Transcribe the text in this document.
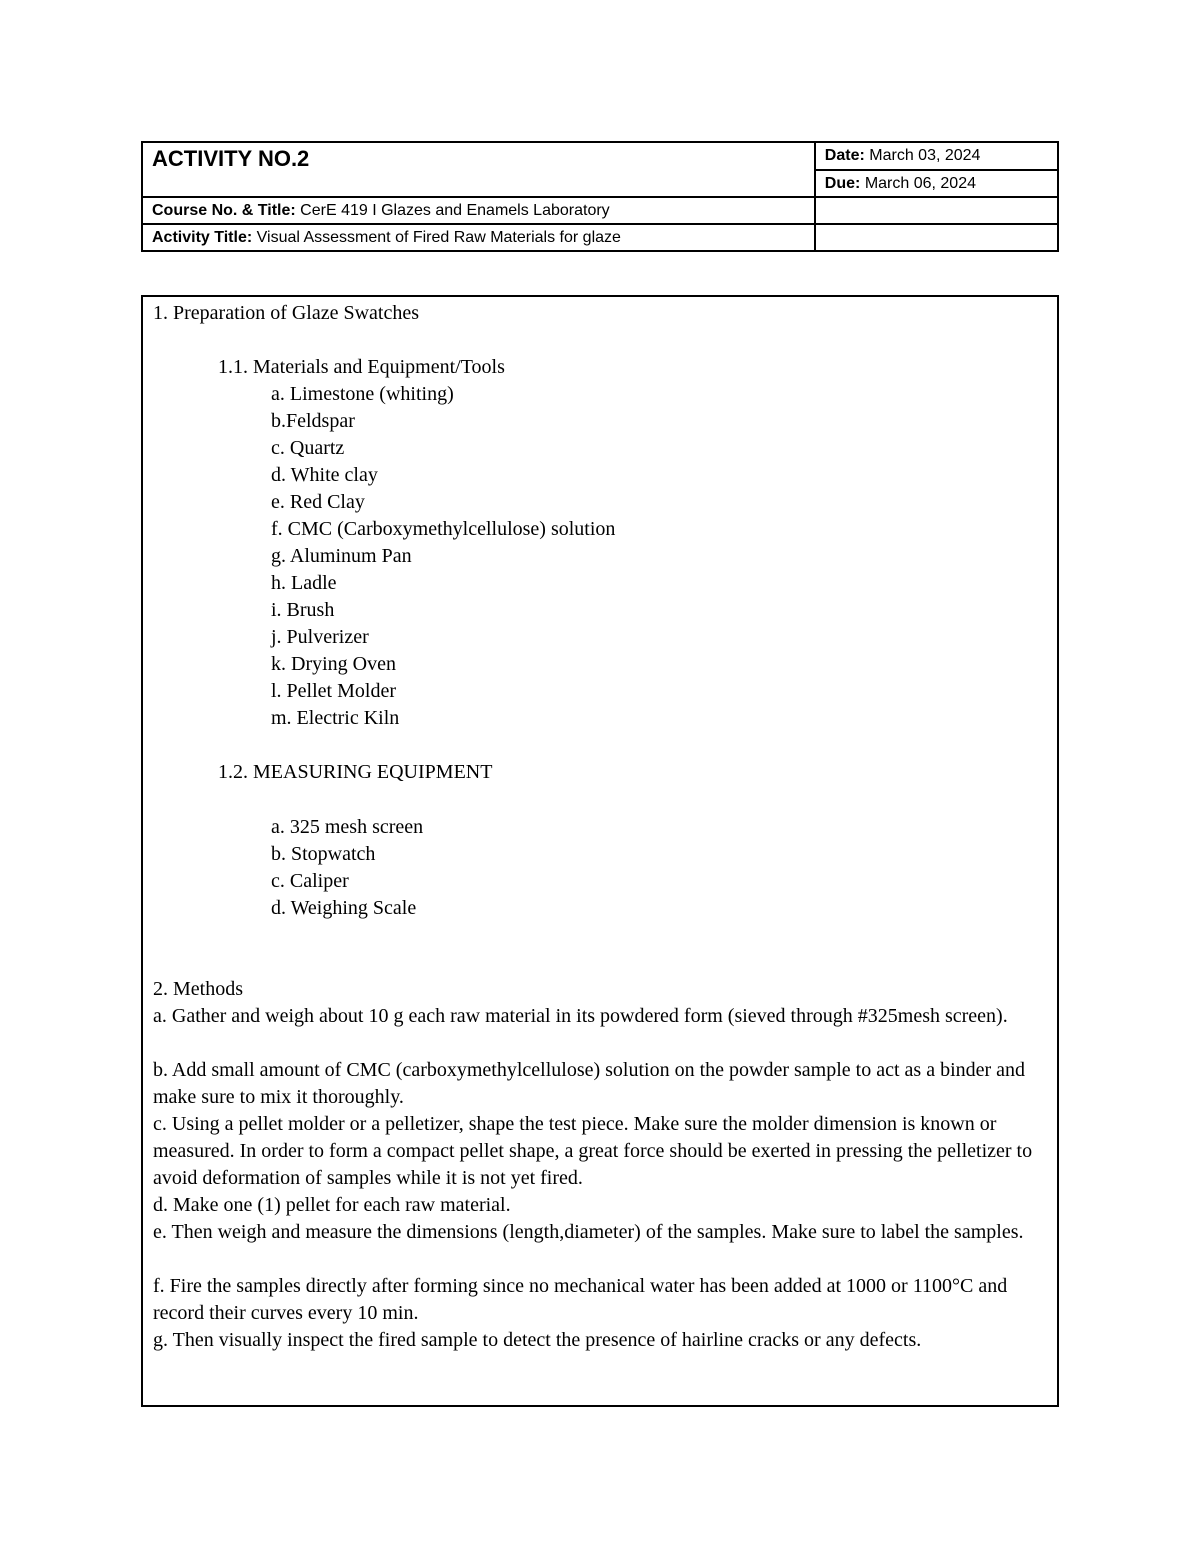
ACTIVITY NO.2	Date: March 03, 2024
	Due: March 06, 2024
Course No. & Title: CerE 419 I Glazes and Enamels Laboratory	
Activity Title: Visual Assessment of Fired Raw Materials for glaze	
1. Preparation of Glaze Swatches
1.1. Materials and Equipment/Tools
a. Limestone (whiting)
b.Feldspar
c. Quartz
d. White clay
e. Red Clay
f. CMC (Carboxymethylcellulose) solution
g. Aluminum Pan
h. Ladle
i. Brush
j. Pulverizer
k. Drying Oven
l. Pellet Molder
m. Electric Kiln
1.2. MEASURING EQUIPMENT
a. 325 mesh screen
b. Stopwatch
c. Caliper
d. Weighing Scale
2. Methods
a. Gather and weigh about 10 g each raw material in its powdered form (sieved through #325mesh screen).
b. Add small amount of CMC (carboxymethylcellulose) solution on the powder sample to act as a binder and make sure to mix it thoroughly.
c. Using a pellet molder or a pelletizer, shape the test piece. Make sure the molder dimension is known or measured. In order to form a compact pellet shape, a great force should be exerted in pressing the pelletizer to avoid deformation of samples while it is not yet fired.
d. Make one (1) pellet for each raw material.
e. Then weigh and measure the dimensions (length,diameter) of the samples. Make sure to label the samples.
f. Fire the samples directly after forming since no mechanical water has been added at 1000 or 1100°C and record their curves every 10 min.
g. Then visually inspect the fired sample to detect the presence of hairline cracks or any defects.
